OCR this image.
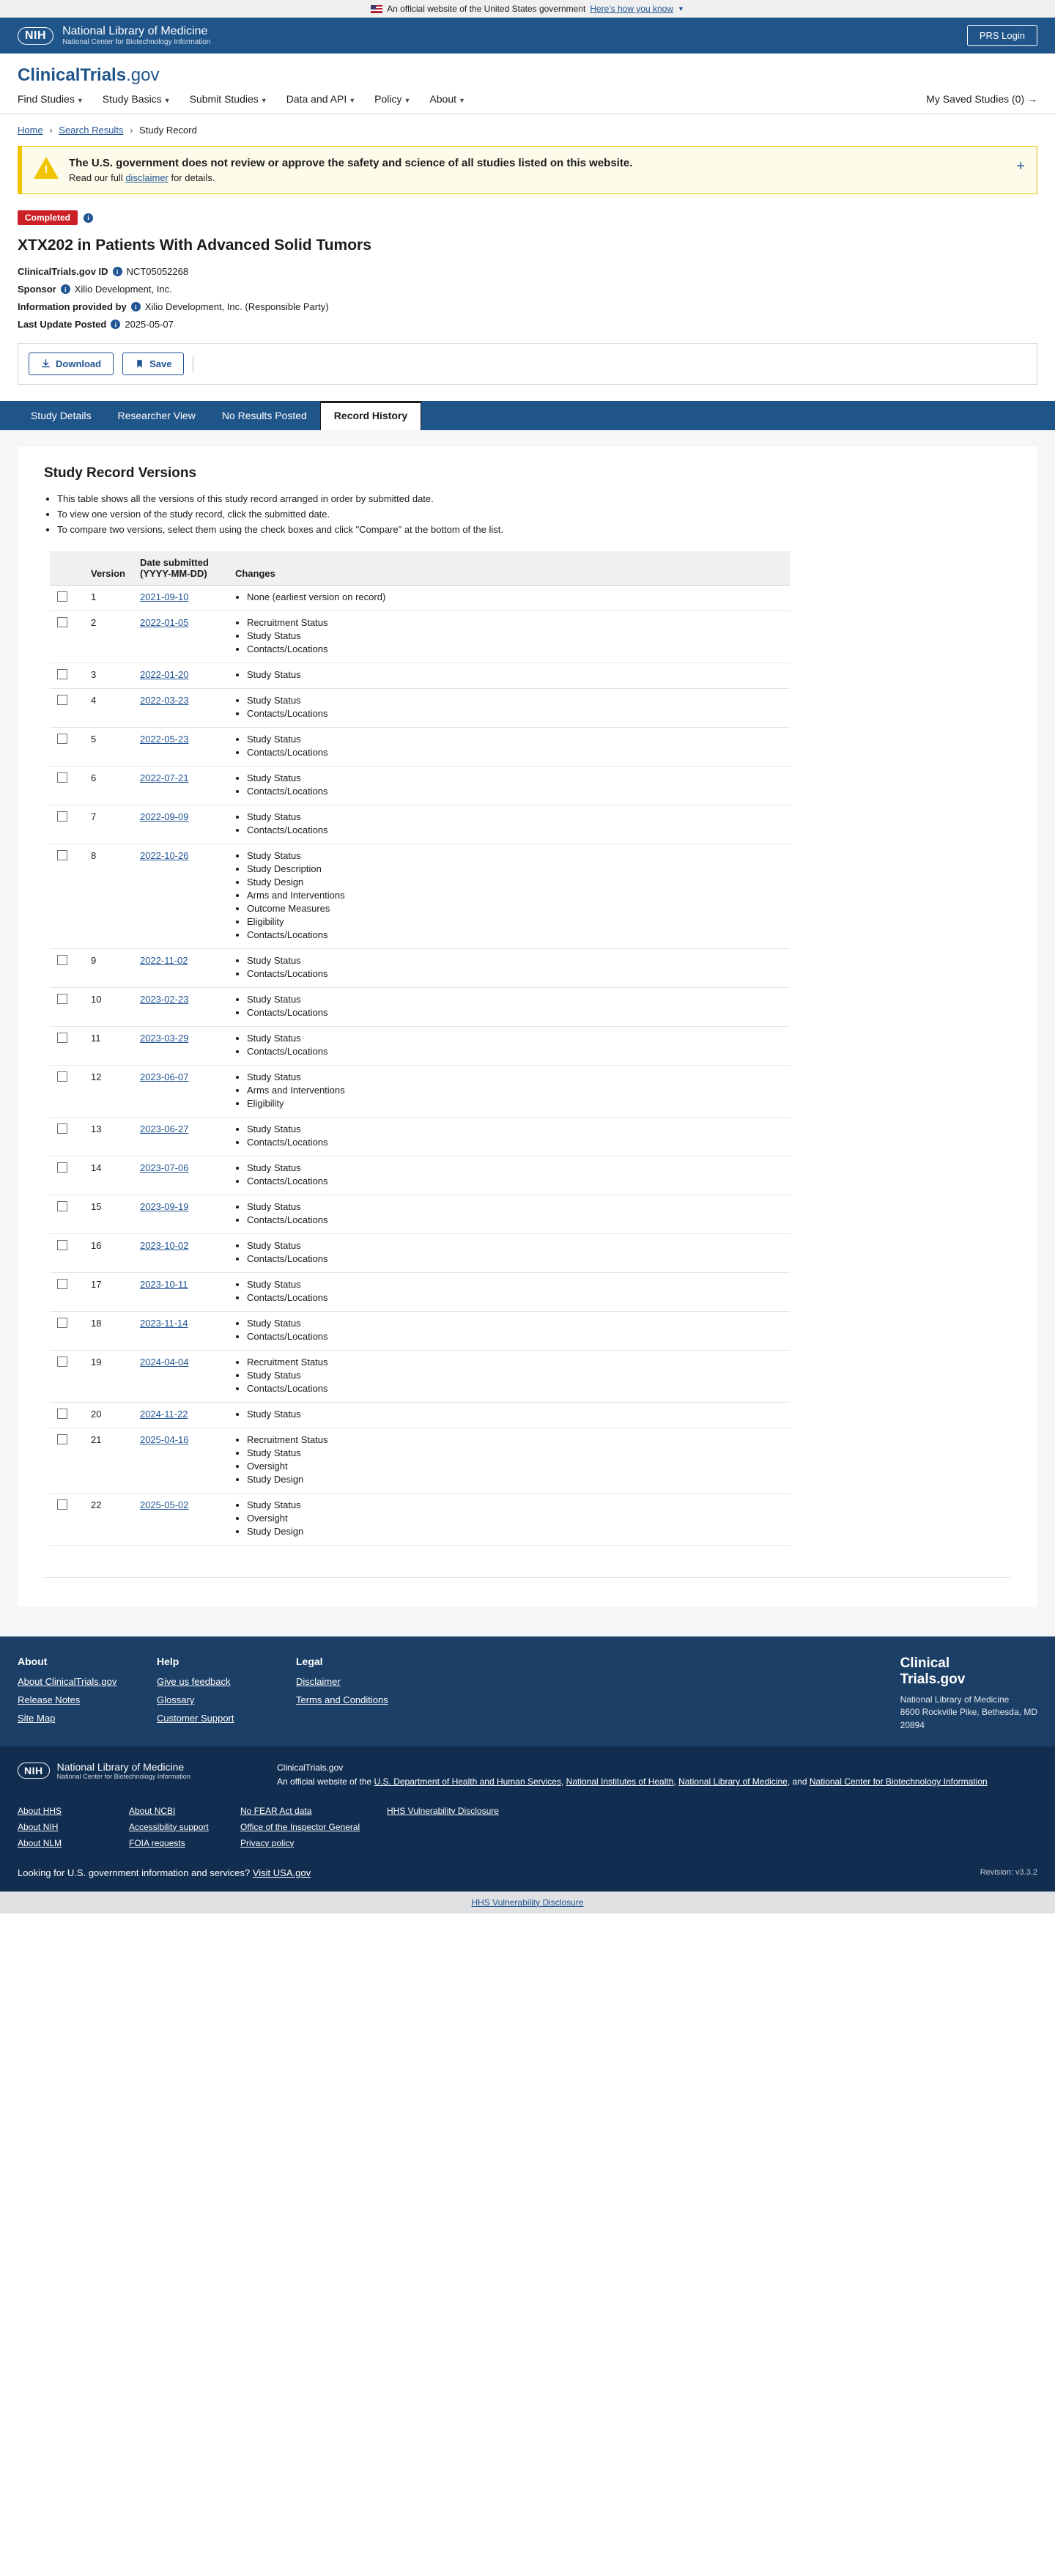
An official website of the United States government Here's how you know ▼
NIH	National Library of Medicine
National Center for Biotechnology Information
PRS Login
ClinicalTrials.gov
Find Studies ▼ Study Basics ▼ Submit Studies ▼ Data and API ▼ Policy ▼ About ▼	My Saved Studies (0) →
Home › Search Results › Study Record
!
The U.S. government does not review or approve the safety and science of all studies listed on this website.
Read our full disclaimer for details.
+
Completed	i
XTX202 in Patients With Advanced Solid Tumors
ClinicalTrials.gov ID	i NCT05052268
Sponsor	i Xilio Development, Inc.
Information provided by	i Xilio Development, Inc. (Responsible Party)
Last Update Posted	i 2025-05-07
Download	Save
Study Details	Researcher View	No Results Posted	Record History
Study Record Versions
• This table shows all the versions of this study record arranged in order by submitted date.
• To view one version of the study record, click the submitted date.
• To compare two versions, select them using the check boxes and click "Compare" at the bottom of the list.
	Version	Date submitted (YYYY-MM-DD)	Changes
	1	2021-09-10	
•None (earliest version on record)

	2	2022-01-05	
•Recruitment Status
• Study Status
• Contacts/Locations

	3	2022-01-20	
•Study Status

	4	2022-03-23	
•Study Status
• Contacts/Locations

	5	2022-05-23	
•Study Status
• Contacts/Locations

	6	2022-07-21	
•Study Status
• Contacts/Locations

	7	2022-09-09	
•Study Status
• Contacts/Locations

	8	2022-10-26	
•Study Status
• Study Description
• Study Design
• Arms and Interventions
• Outcome Measures
• Eligibility
• Contacts/Locations

	9	2022-11-02	
•Study Status
• Contacts/Locations

	10	2023-02-23	
•Study Status
• Contacts/Locations

	11	2023-03-29	
•Study Status
• Contacts/Locations

	12	2023-06-07	
•Study Status
• Arms and Interventions
• Eligibility

	13	2023-06-27	
•Study Status
• Contacts/Locations

	14	2023-07-06	
•Study Status
• Contacts/Locations

	15	2023-09-19	
•Study Status
• Contacts/Locations

	16	2023-10-02	
•Study Status
• Contacts/Locations

	17	2023-10-11	
•Study Status
• Contacts/Locations

	18	2023-11-14	
•Study Status
• Contacts/Locations

	19	2024-04-04	
•Recruitment Status
• Study Status
• Contacts/Locations

	20	2024-11-22	
•Study Status

	21	2025-04-16	
•Recruitment Status
• Study Status
• Oversight
• Study Design

	22	2025-05-02	
•Study Status
• Oversight
• Study Design
About
About ClinicalTrials.gov
Release Notes
Site Map
Help
Give us feedback
Glossary
Customer Support
Legal
Disclaimer
Terms and Conditions
Clinical
Trials.gov
National Library of Medicine
8600 Rockville Pike, Bethesda, MD
20894
NIH	National Library of Medicine
National Center for Biotechnology Information
ClinicalTrials.gov
An official website of the U.S. Department of Health and Human Services, National Institutes of Health, National Library of Medicine, and National Center for Biotechnology Information
About HHS
About NIH
About NLM
About NCBI
Accessibility support
FOIA requests
No FEAR Act data
Office of the Inspector General
Privacy policy
HHS Vulnerability Disclosure
Looking for U.S. government information and services? Visit USA.gov	Revision: v3.3.2
HHS Vulnerability Disclosure
